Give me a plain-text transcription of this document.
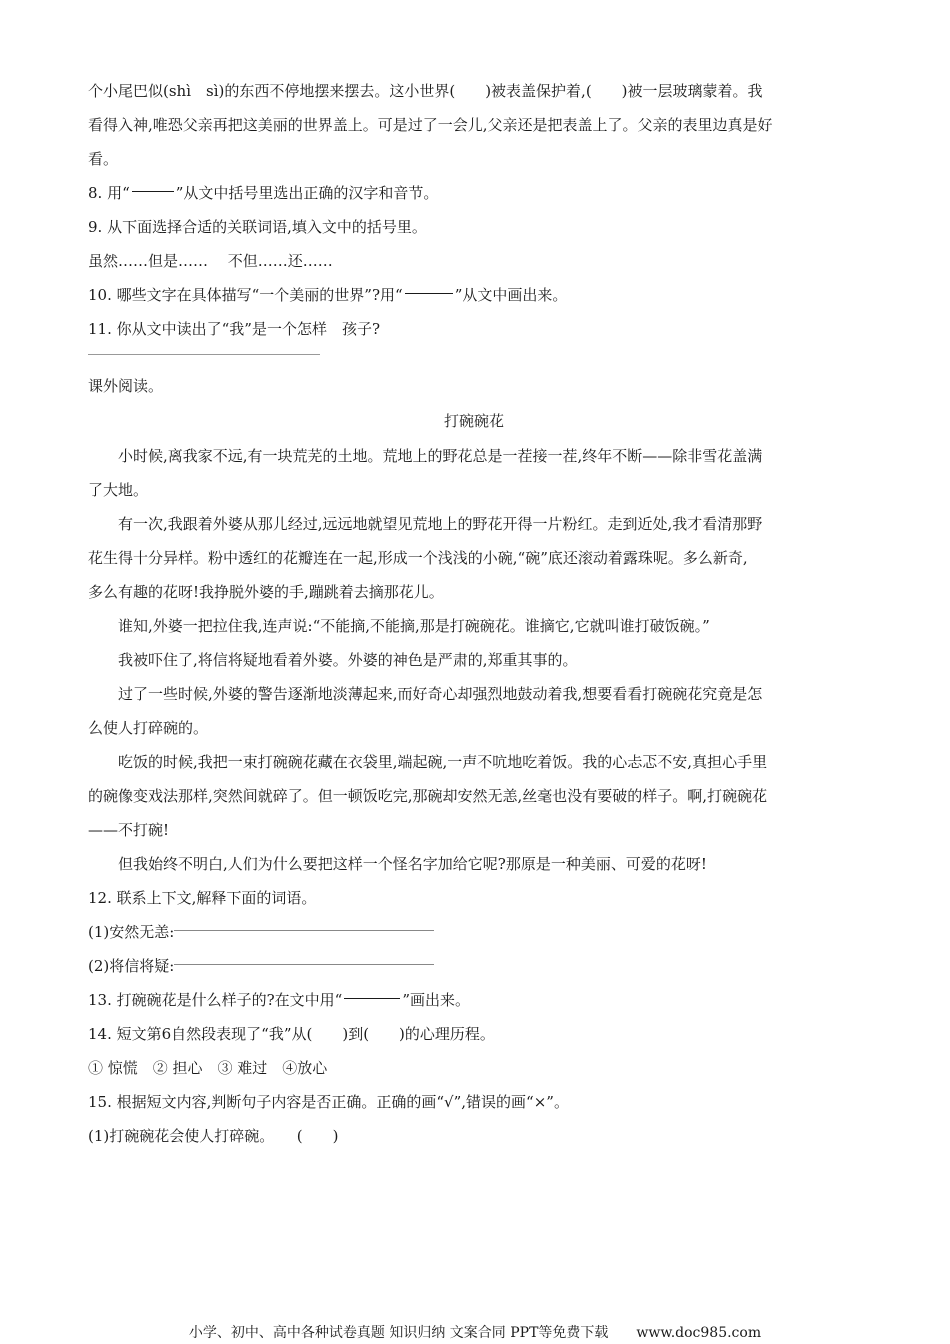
个小尾巴似(shì　sì)的东西不停地摆来摆去。这小世界(　　)被表盖保护着,(　　)被一层玻璃蒙着。我
看得入神,唯恐父亲再把这美丽的世界盖上。可是过了一会儿,父亲还是把表盖上了。父亲的表里边真是好
看。
8. 用“	”从文中括号里选出正确的汉字和音节。
9. 从下面选择合适的关联词语,填入文中的括号里。
虽然……但是……　 不但……还……
10. 哪些文字在具体描写“一个美丽的世界”?用“	”从文中画出来。
11. 你从文中读出了“我”是一个怎样　孩子?
课外阅读。
打碗碗花
小时候,离我家不远,有一块荒芜的土地。荒地上的野花总是一茬接一茬,终年不断——除非雪花盖满
了大地。
有一次,我跟着外婆从那儿经过,远远地就望见荒地上的野花开得一片粉红。走到近处,我才看清那野
花生得十分异样。粉中透红的花瓣连在一起,形成一个浅浅的小碗,“碗”底还滚动着露珠呢。多么新奇,
多么有趣的花呀!我挣脱外婆的手,蹦跳着去摘那花儿。
谁知,外婆一把拉住我,连声说:“不能摘,不能摘,那是打碗碗花。谁摘它,它就叫谁打破饭碗。”
我被吓住了,将信将疑地看着外婆。外婆的神色是严肃的,郑重其事的。
过了一些时候,外婆的警告逐渐地淡薄起来,而好奇心却强烈地鼓动着我,想要看看打碗碗花究竟是怎
么使人打碎碗的。
吃饭的时候,我把一束打碗碗花藏在衣袋里,端起碗,一声不吭地吃着饭。我的心忐忑不安,真担心手里
的碗像变戏法那样,突然间就碎了。但一顿饭吃完,那碗却安然无恙,丝毫也没有要破的样子。啊,打碗碗花
——不打碗!
但我始终不明白,人们为什么要把这样一个怪名字加给它呢?那原是一种美丽、可爱的花呀!
12. 联系上下文,解释下面的词语。
(1)安然无恙:
(2)将信将疑:
13. 打碗碗花是什么样子的?在文中用“	”画出来。
14. 短文第6自然段表现了“我”从(　　)到(　　)的心理历程。
① 惊慌　② 担心　③ 难过　④放心
15. 根据短文内容,判断句子内容是否正确。正确的画“√”,错误的画“×”。
(1)打碗碗花会使人打碎碗。　　(　　)
小学、初中、高中各种试卷真题 知识归纳 文案合同 PPT等免费下载　　www.doc985.com
